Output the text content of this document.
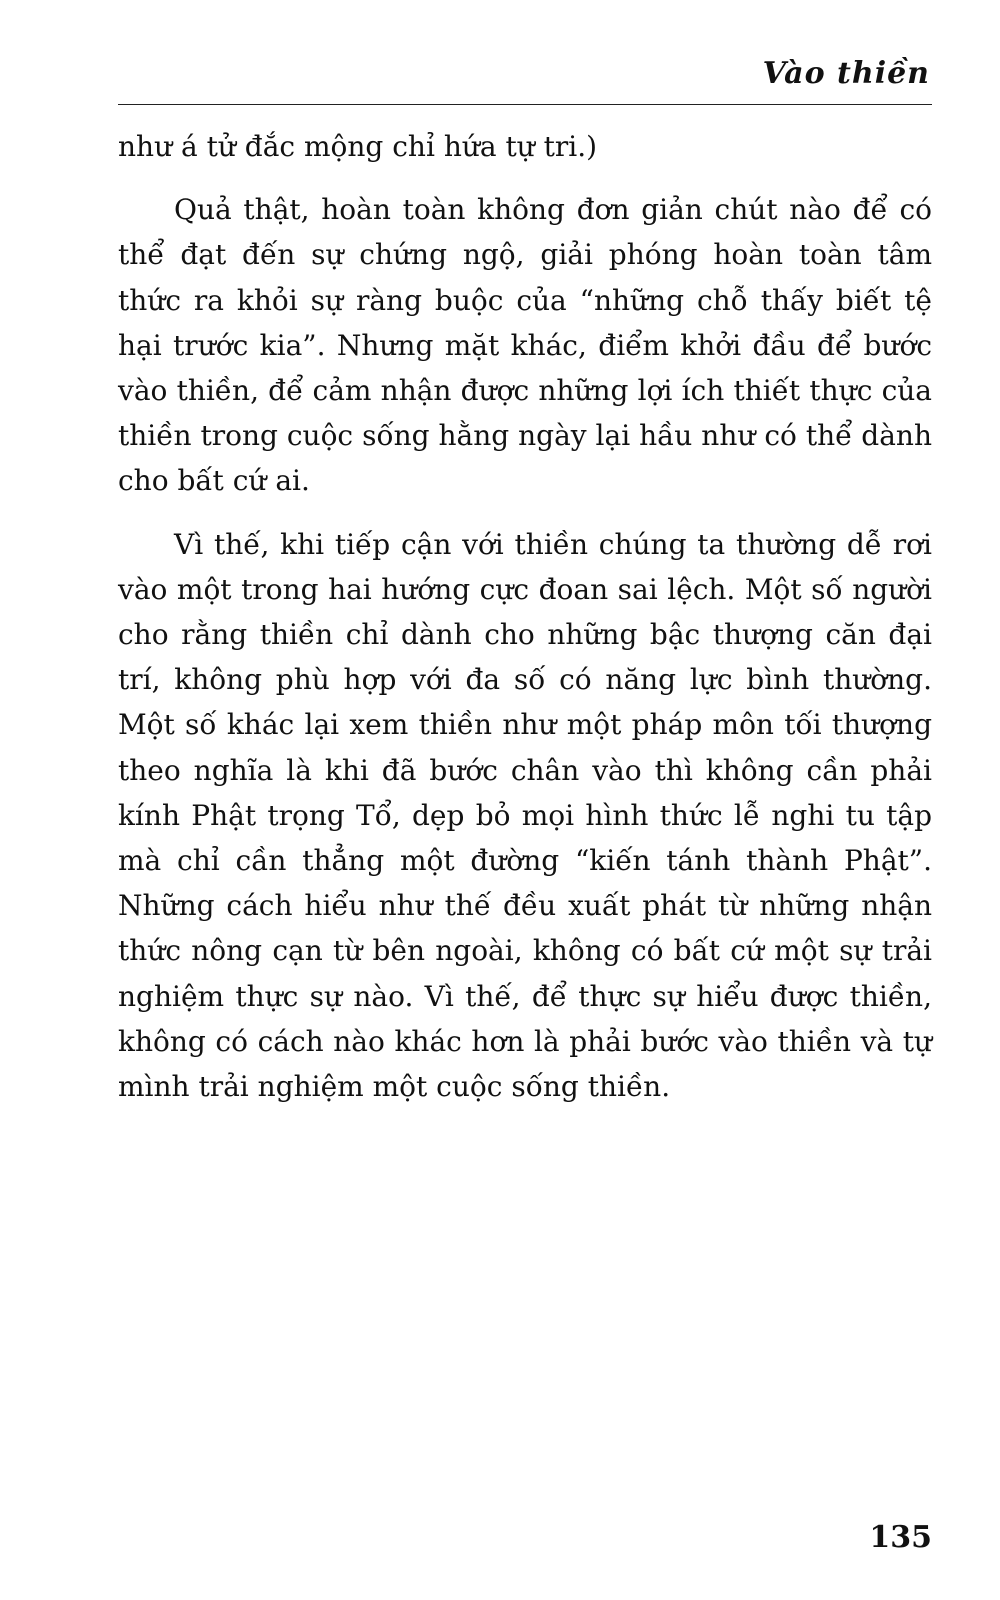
Vào thiền

như á tử đắc mộng chỉ hứa tự tri.)

Quả thật, hoàn toàn không đơn giản chút nào để có thể đạt đến sự chứng ngộ, giải phóng hoàn toàn tâm thức ra khỏi sự ràng buộc của “những chỗ thấy biết tệ hại trước kia”. Nhưng mặt khác, điểm khởi đầu để bước vào thiền, để cảm nhận được những lợi ích thiết thực của thiền trong cuộc sống hằng ngày lại hầu như có thể dành cho bất cứ ai.

Vì thế, khi tiếp cận với thiền chúng ta thường dễ rơi vào một trong hai hướng cực đoan sai lệch. Một số người cho rằng thiền chỉ dành cho những bậc thượng căn đại trí, không phù hợp với đa số có năng lực bình thường. Một số khác lại xem thiền như một pháp môn tối thượng theo nghĩa là khi đã bước chân vào thì không cần phải kính Phật trọng Tổ, dẹp bỏ mọi hình thức lễ nghi tu tập mà chỉ cần thẳng một đường “kiến tánh thành Phật”. Những cách hiểu như thế đều xuất phát từ những nhận thức nông cạn từ bên ngoài, không có bất cứ một sự trải nghiệm thực sự nào. Vì thế, để thực sự hiểu được thiền, không có cách nào khác hơn là phải bước vào thiền và tự mình trải nghiệm một cuộc sống thiền.

135
